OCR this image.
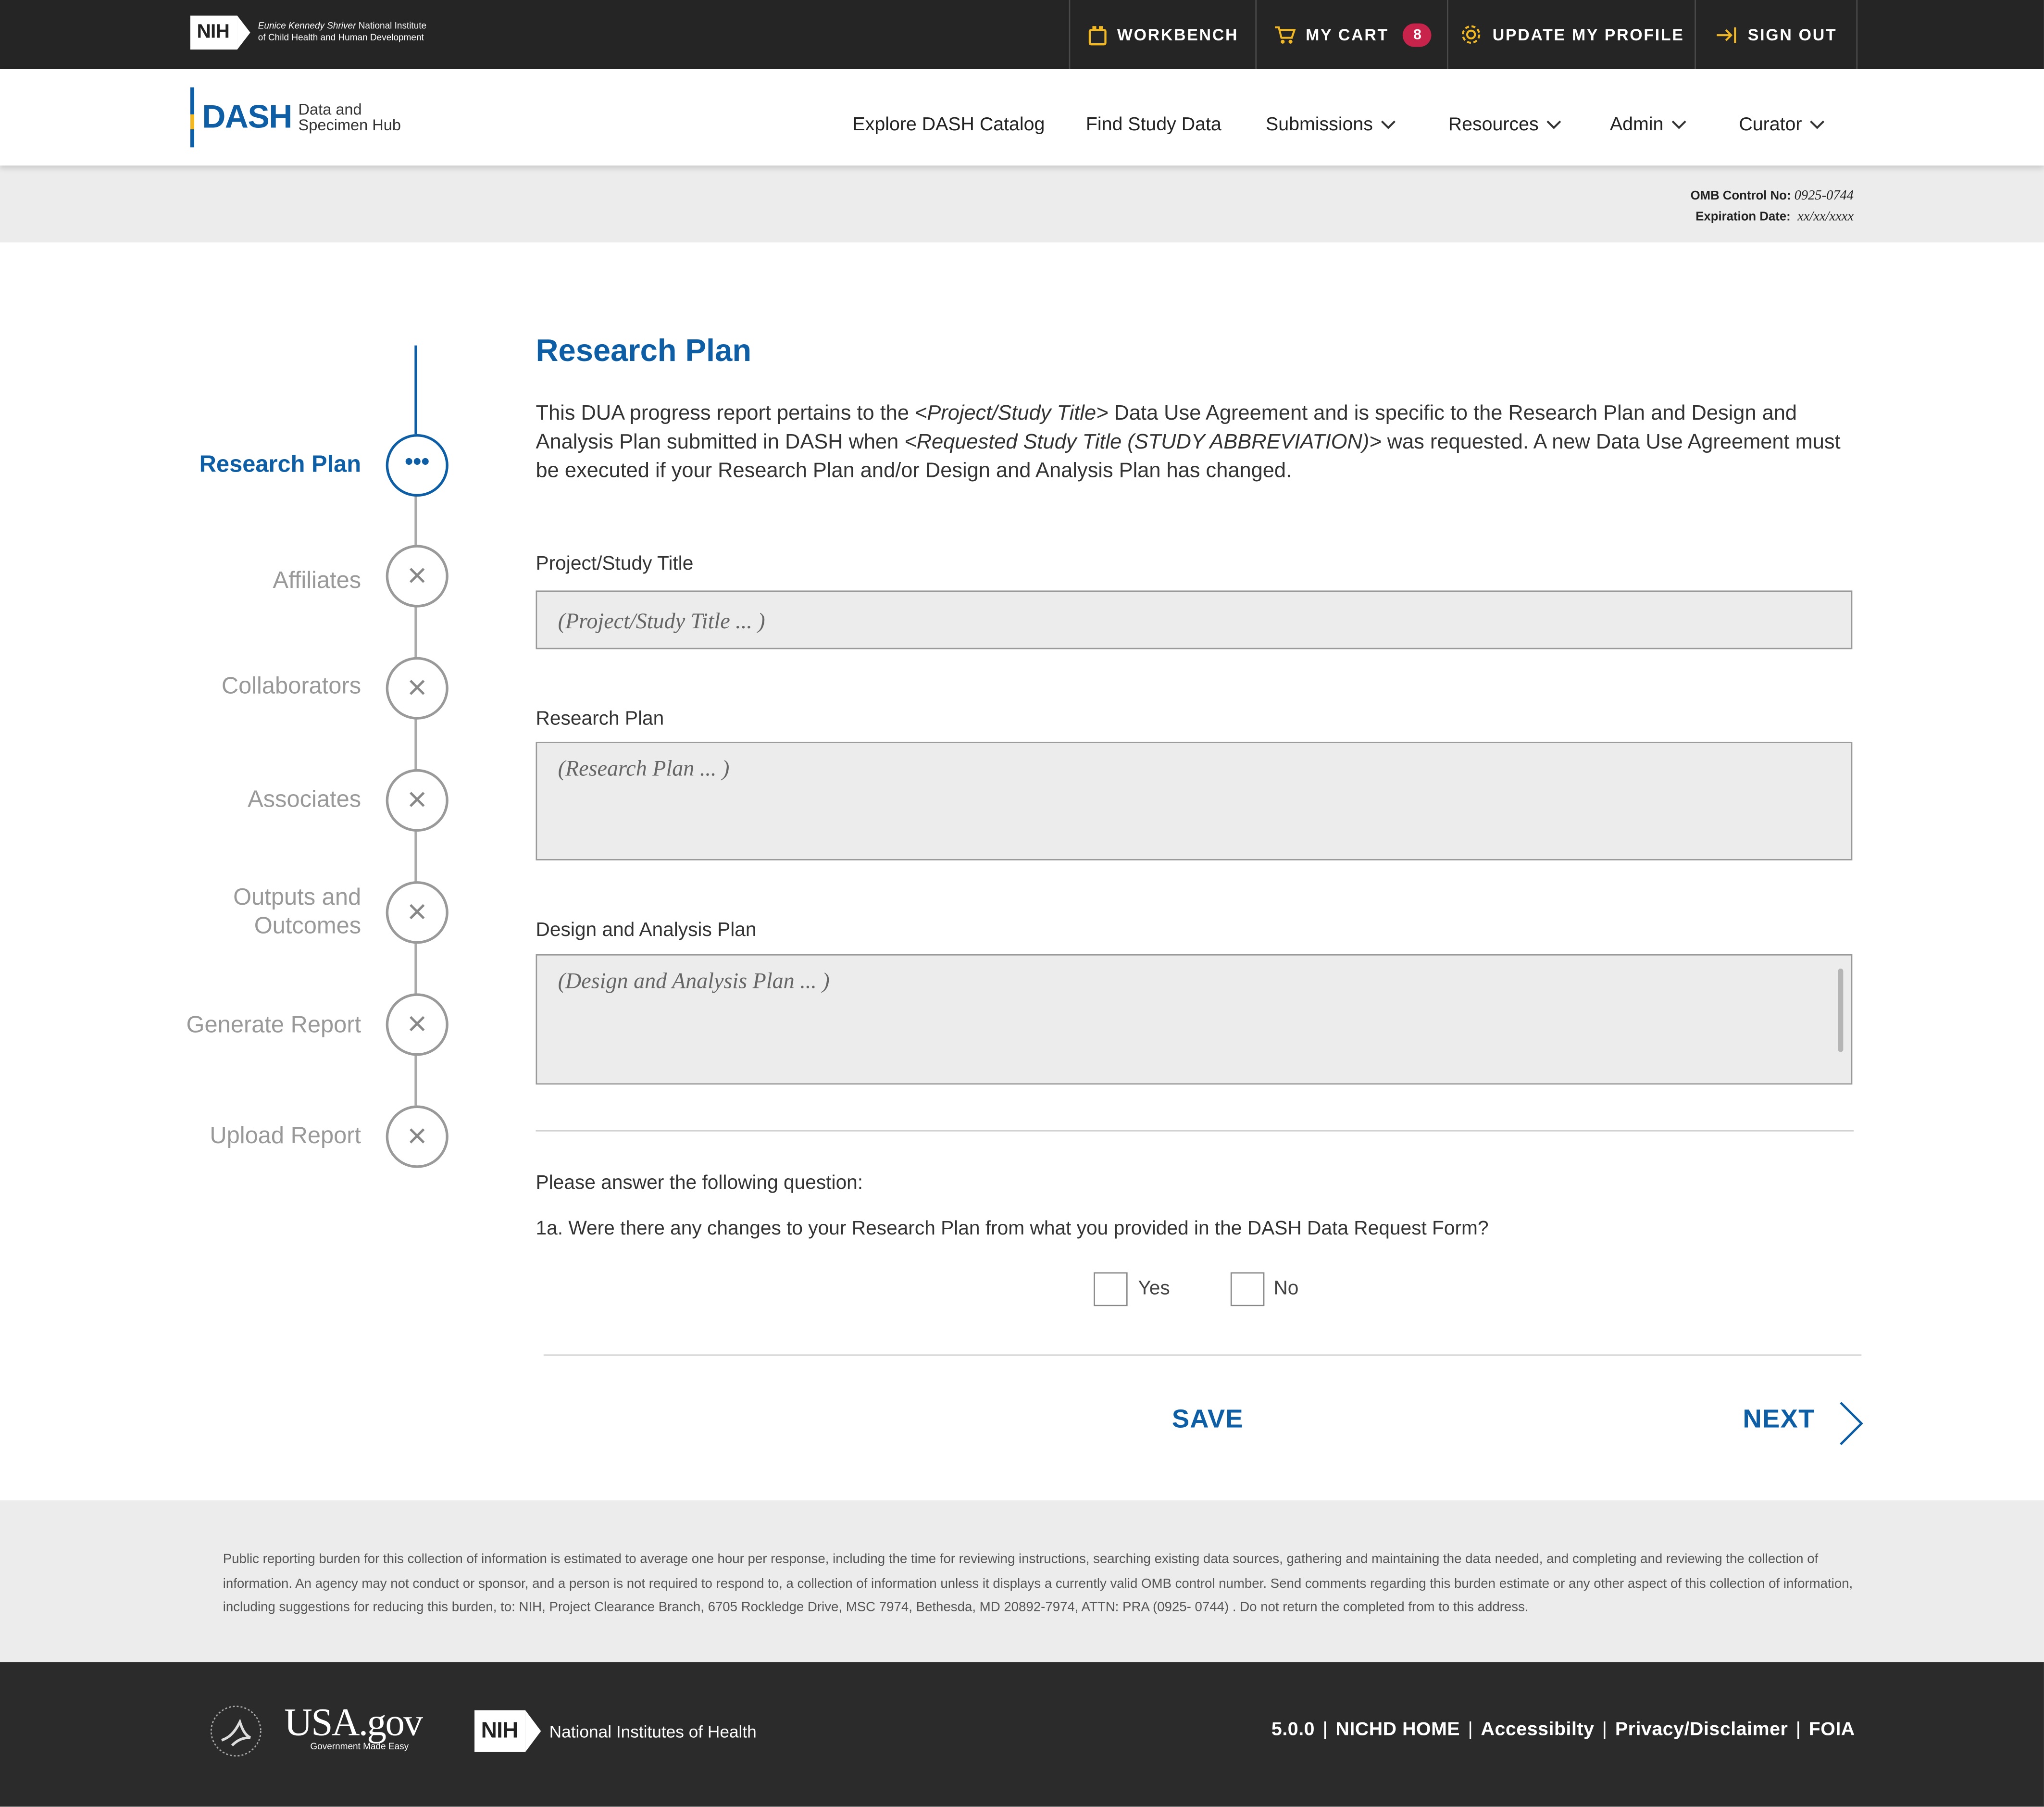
NIH	Eunice Kennedy Shriver National Institute
of Child Health and Human Development	WORKBENCH	MY CART	8	UPDATE MY PROFILE	SIGN OUT
DASH Data and
Specimen Hub	Explore DASH Catalog	Find Study Data	Submissions	Resources	Admin	Curator
OMB Control No: 0925-0744
Expiration Date: xx/xx/xxxx
•••
Research Plan
×
Affiliates
×
Collaborators
×
Associates
×
Outputs and
Outcomes
×
Generate Report
×
Upload Report
Research Plan
This DUA progress report pertains to the <Project/Study Title> Data Use Agreement and is specific to the Research Plan and Design and Analysis Plan submitted in DASH when <Requested Study Title (STUDY ABBREVIATION)> was requested. A new Data Use Agreement must be executed if your Research Plan and/or Design and Analysis Plan has changed.
Project/Study Title
(Project/Study Title ... )
Research Plan
(Research Plan ... )
Design and Analysis Plan
(Design and Analysis Plan ... )
Please answer the following question:
1a. Were there any changes to your Research Plan from what you provided in the DASH Data Request Form?
Yes	No
SAVE	NEXT
Public reporting burden for this collection of information is estimated to average one hour per response, including the time for reviewing instructions, searching existing data sources, gathering and maintaining the data needed, and completing and reviewing the collection of information. An agency may not conduct or sponsor, and a person is not required to respond to, a collection of information unless it displays a currently valid OMB control number. Send comments regarding this burden estimate or any other aspect of this collection of information, including suggestions for reducing this burden, to: NIH, Project Clearance Branch, 6705 Rockledge Drive, MSC 7974, Bethesda, MD 20892-7974, ATTN: PRA (0925- 0744) . Do not return the completed from to this address.
USA.gov
Government Made Easy
NIH	National Institutes of Health	5.0.0 | NICHD HOME | Accessibilty | Privacy/Disclaimer | FOIA
